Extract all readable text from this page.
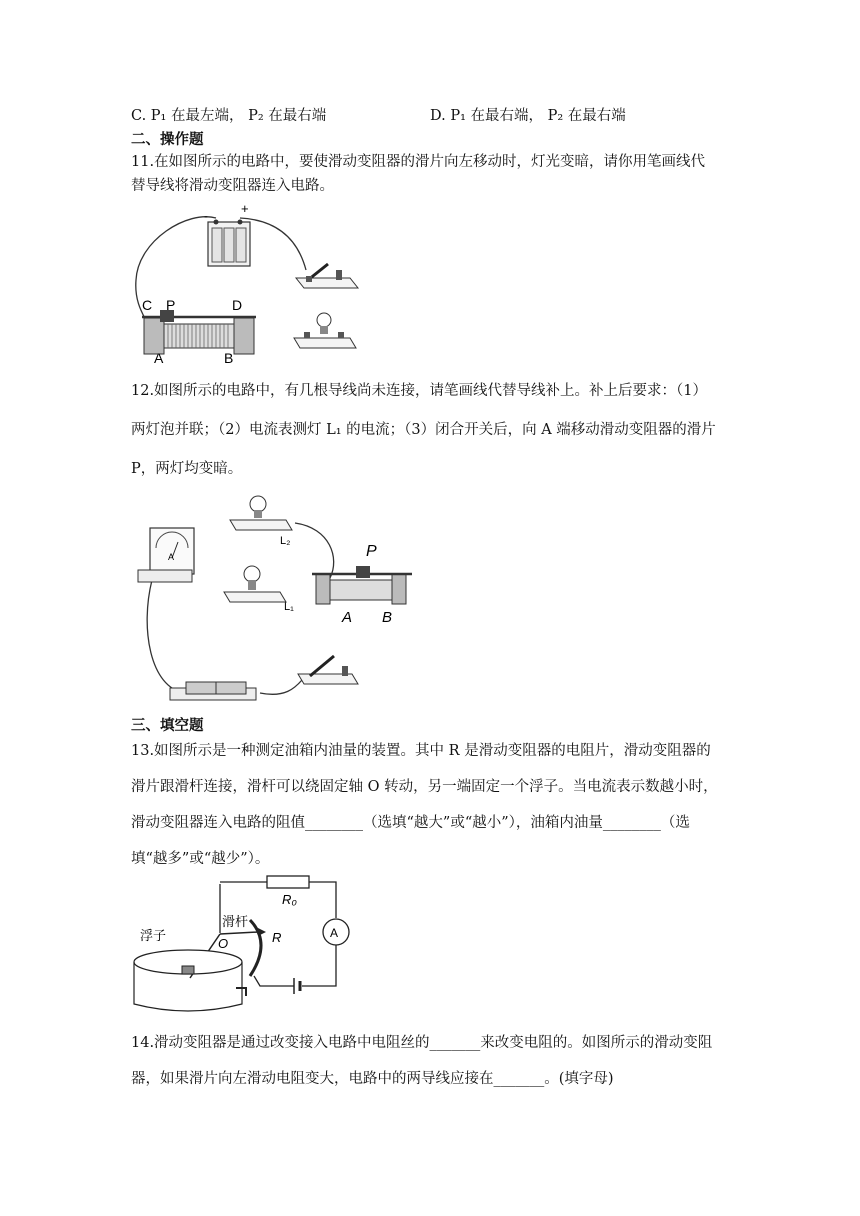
C. P₁ 在最左端， P₂ 在最右端	D. P₁ 在最右端， P₂ 在最右端
二、操作题
11.在如图所示的电路中，要使滑动变阻器的滑片向左移动时，灯光变暗，请你用笔画线代
替导线将滑动变阻器连入电路。
-	+
C P	D
A	B
12.如图所示的电路中，有几根导线尚未连接，请笔画线代替导线补上。补上后要求：（1）
两灯泡并联；（2）电流表测灯 L₁ 的电流；（3）闭合开关后，向 A 端移动滑动变阻器的滑片
P，两灯均变暗。
A
L₂
L₁
P
A B
三、填空题
13.如图所示是一种测定油箱内油量的装置。其中 R 是滑动变阻器的电阻片，滑动变阻器的
滑片跟滑杆连接，滑杆可以绕固定轴 O 转动，另一端固定一个浮子。当电流表示数越小时，
滑动变阻器连入电路的阻值________（选填“越大”或“越小”），油箱内油量________（选
填“越多”或“越少”）。
A
浮子
滑杆
O	R
R₀
14.滑动变阻器是通过改变接入电路中电阻丝的_______来改变电阻的。如图所示的滑动变阻
器，如果滑片向左滑动电阻变大，电路中的两导线应接在_______。(填字母)
